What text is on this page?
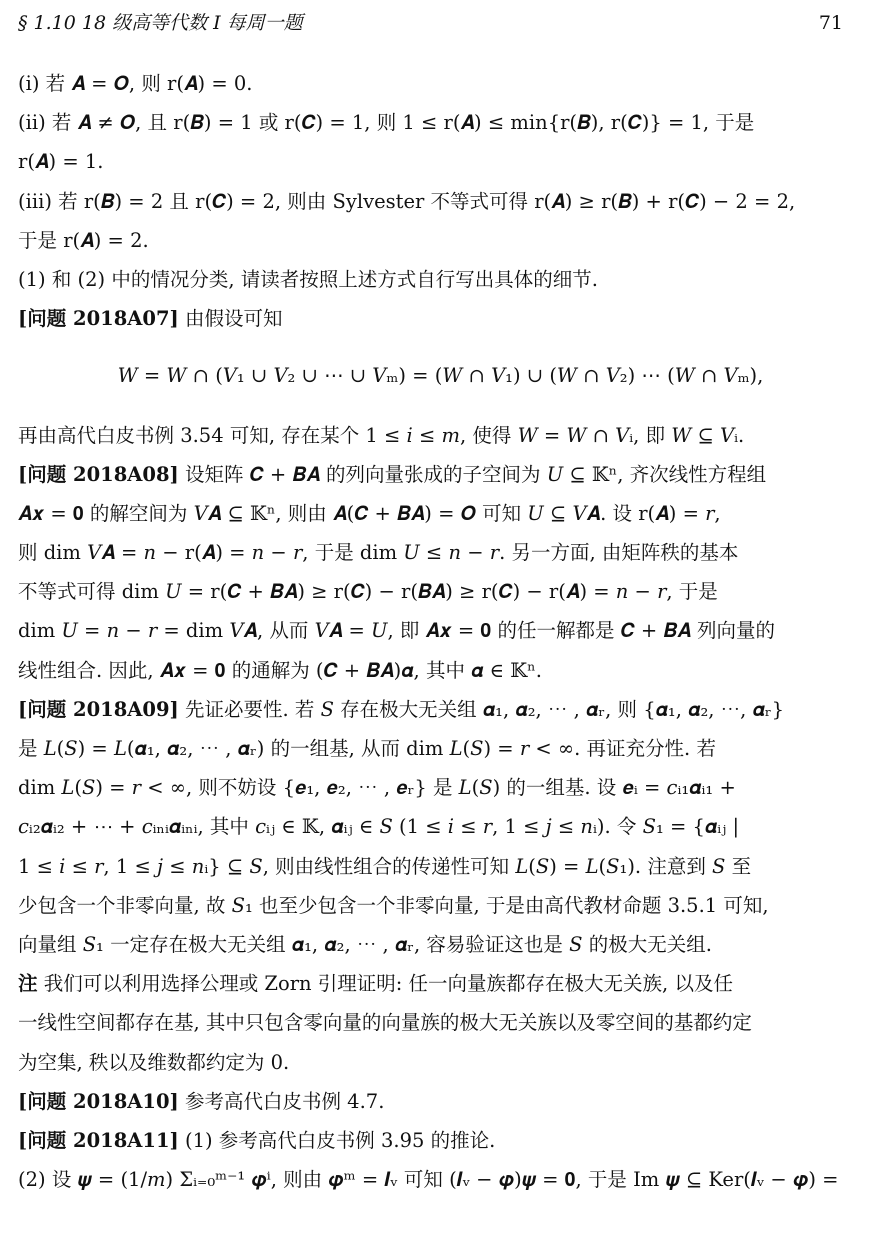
§ 1.10 18 级高等代数 I 每周一题	71
(i) 若 𝑨 = 𝑶, 则 r(𝑨) = 0.
(ii) 若 𝑨 ≠ 𝑶, 且 r(𝑩) = 1 或 r(𝑪) = 1, 则 1 ≤ r(𝑨) ≤ min{r(𝑩), r(𝑪)} = 1, 于是
r(𝑨) = 1.
(iii) 若 r(𝑩) = 2 且 r(𝑪) = 2, 则由 Sylvester 不等式可得 r(𝑨) ≥ r(𝑩) + r(𝑪) − 2 = 2,
于是 r(𝑨) = 2.
(1) 和 (2) 中的情况分类, 请读者按照上述方式自行写出具体的细节.
[问题 2018A07] 由假设可知
𝑊 = 𝑊 ∩ (𝑉₁ ∪ 𝑉₂ ∪ ⋯ ∪ 𝑉ₘ) = (𝑊 ∩ 𝑉₁) ∪ (𝑊 ∩ 𝑉₂) ⋯ (𝑊 ∩ 𝑉ₘ),
再由高代白皮书例 3.54 可知, 存在某个 1 ≤ 𝑖 ≤ 𝑚, 使得 𝑊 = 𝑊 ∩ 𝑉ᵢ, 即 𝑊 ⊆ 𝑉ᵢ.
[问题 2018A08] 设矩阵 𝑪 + 𝑩𝑨 的列向量张成的子空间为 𝑈 ⊆ 𝕂ⁿ, 齐次线性方程组
𝑨𝒙 = 𝟎 的解空间为 𝑉𝑨 ⊆ 𝕂ⁿ, 则由 𝑨(𝑪 + 𝑩𝑨) = 𝑶 可知 𝑈 ⊆ 𝑉𝑨. 设 r(𝑨) = 𝑟,
则 dim 𝑉𝑨 = 𝑛 − r(𝑨) = 𝑛 − 𝑟, 于是 dim 𝑈 ≤ 𝑛 − 𝑟. 另一方面, 由矩阵秩的基本
不等式可得 dim 𝑈 = r(𝑪 + 𝑩𝑨) ≥ r(𝑪) − r(𝑩𝑨) ≥ r(𝑪) − r(𝑨) = 𝑛 − 𝑟, 于是
dim 𝑈 = 𝑛 − 𝑟 = dim 𝑉𝑨, 从而 𝑉𝑨 = 𝑈, 即 𝑨𝒙 = 𝟎 的任一解都是 𝑪 + 𝑩𝑨 列向量的
线性组合. 因此, 𝑨𝒙 = 𝟎 的通解为 (𝑪 + 𝑩𝑨)𝜶, 其中 𝜶 ∈ 𝕂ⁿ.
[问题 2018A09] 先证必要性. 若 𝑆 存在极大无关组 𝜶₁, 𝜶₂, ⋯ , 𝜶ᵣ, 则 {𝜶₁, 𝜶₂, ⋯, 𝜶ᵣ}
是 𝐿(𝑆) = 𝐿(𝜶₁, 𝜶₂, ⋯ , 𝜶ᵣ) 的一组基, 从而 dim 𝐿(𝑆) = 𝑟 < ∞. 再证充分性. 若
dim 𝐿(𝑆) = 𝑟 < ∞, 则不妨设 {𝒆₁, 𝒆₂, ⋯ , 𝒆ᵣ} 是 𝐿(𝑆) 的一组基. 设 𝒆ᵢ = 𝑐ᵢ₁𝜶ᵢ₁ +
𝑐ᵢ₂𝜶ᵢ₂ + ⋯ + 𝑐ᵢₙᵢ𝜶ᵢₙᵢ, 其中 𝑐ᵢⱼ ∈ 𝕂, 𝜶ᵢⱼ ∈ 𝑆 (1 ≤ 𝑖 ≤ 𝑟, 1 ≤ 𝑗 ≤ 𝑛ᵢ). 令 𝑆₁ = {𝜶ᵢⱼ |
1 ≤ 𝑖 ≤ 𝑟, 1 ≤ 𝑗 ≤ 𝑛ᵢ} ⊆ 𝑆, 则由线性组合的传递性可知 𝐿(𝑆) = 𝐿(𝑆₁). 注意到 𝑆 至
少包含一个非零向量, 故 𝑆₁ 也至少包含一个非零向量, 于是由高代教材命题 3.5.1 可知,
向量组 𝑆₁ 一定存在极大无关组 𝜶₁, 𝜶₂, ⋯ , 𝜶ᵣ, 容易验证这也是 𝑆 的极大无关组.
注 我们可以利用选择公理或 Zorn 引理证明: 任一向量族都存在极大无关族, 以及任
一线性空间都存在基, 其中只包含零向量的向量族的极大无关族以及零空间的基都约定
为空集, 秩以及维数都约定为 0.
[问题 2018A10] 参考高代白皮书例 4.7.
[问题 2018A11] (1) 参考高代白皮书例 3.95 的推论.
(2) 设 𝝍 = (1/𝑚) Σᵢ₌₀ᵐ⁻¹ 𝝋ⁱ, 则由 𝝋ᵐ = 𝑰ᵥ 可知 (𝑰ᵥ − 𝝋)𝝍 = 𝟎, 于是 Im 𝝍 ⊆ Ker(𝑰ᵥ − 𝝋) =
